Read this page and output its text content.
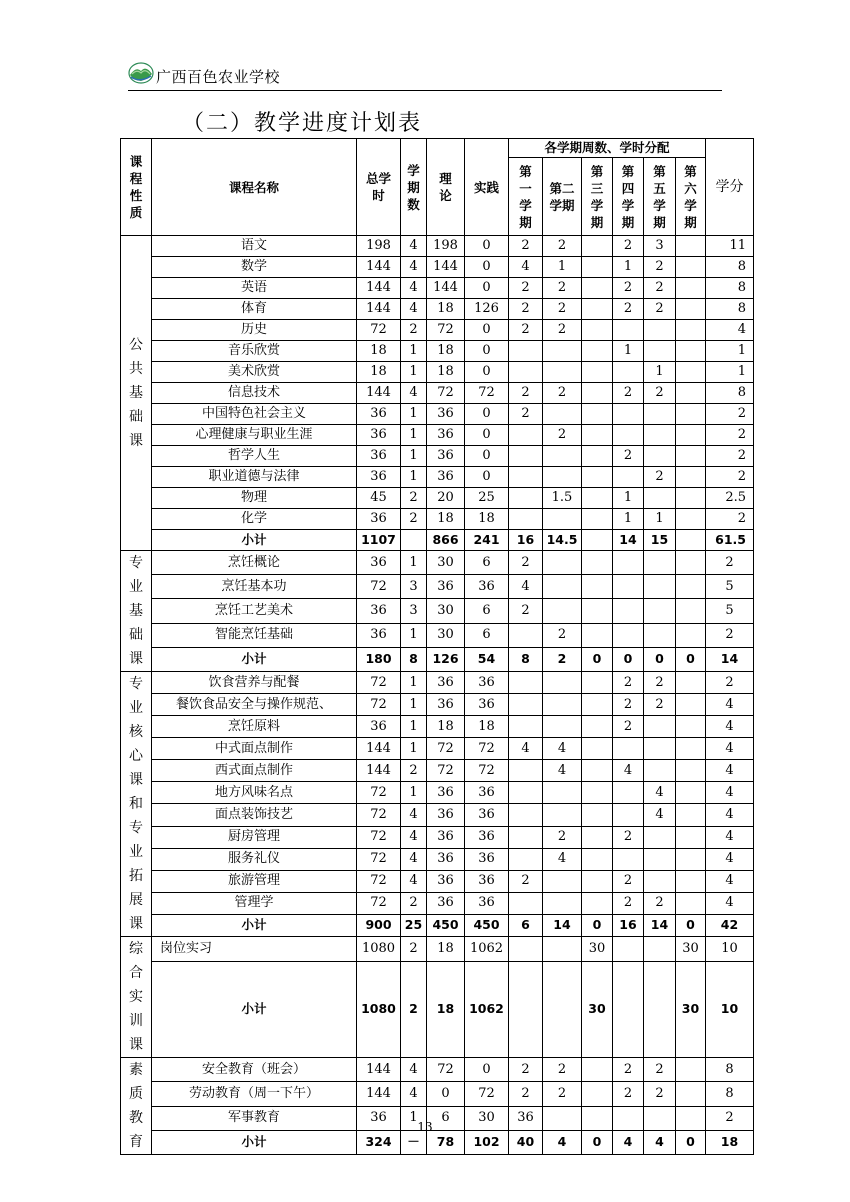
广西百色农业学校
（二）教学进度计划表
课程性质	课程名称	总学时	学期数	理论	实践	各学期周数、学时分配						学分
						第一学期	第二学期	第三学期	第四学期	第五学期	第六学期	
公共基础课	语文	198	4	198	0	2	2		2	3		11
	数学	144	4	144	0	4	1		1	2		8
	英语	144	4	144	0	2	2		2	2		8
	体育	144	4	18	126	2	2		2	2		8
	历史	72	2	72	0	2	2					4
	音乐欣赏	18	1	18	0				1			1
	美术欣赏	18	1	18	0					1		1
	信息技术	144	4	72	72	2	2		2	2		8
	中国特色社会主义	36	1	36	0	2						2
	心理健康与职业生涯	36	1	36	0		2					2
	哲学人生	36	1	36	0				2			2
	职业道德与法律	36	1	36	0					2		2
	物理	45	2	20	25		1.5		1			2.5
	化学	36	2	18	18				1	1		2
	小计	1107		866	241	16	14.5		14	15		61.5
专业基础课	烹饪概论	36	1	30	6	2						2
	烹饪基本功	72	3	36	36	4						5
	烹饪工艺美术	36	3	30	6	2						5
	智能烹饪基础	36	1	30	6		2					2
	小计	180	8	126	54	8	2	0	0	0	0	14
专业核心课和专业拓展课	饮食营养与配餐	72	1	36	36				2	2		2
	餐饮食品安全与操作规范、	72	1	36	36				2	2		4
	烹饪原料	36	1	18	18				2			4
	中式面点制作	144	1	72	72	4	4					4
	西式面点制作	144	2	72	72		4		4			4
	地方风味名点	72	1	36	36					4		4
	面点装饰技艺	72	4	36	36					4		4
	厨房管理	72	4	36	36		2		2			4
	服务礼仪	72	4	36	36		4					4
	旅游管理	72	4	36	36	2			2			4
	管理学	72	2	36	36				2	2		4
	小计	900	25	450	450	6	14	0	16	14	0	42
综合实训课	岗位实习	1080	2	18	1062			30			30	10
	小计	1080	2	18	1062			30			30	10
素质教育	安全教育（班会）	144	4	72	0	2	2		2	2		8
	劳动教育（周一下午）	144	4	0	72	2	2		2	2		8
	军事教育	36	1	6	30	36						2
	小计	324	－	78	102	40	4	0	4	4	0	18
13
